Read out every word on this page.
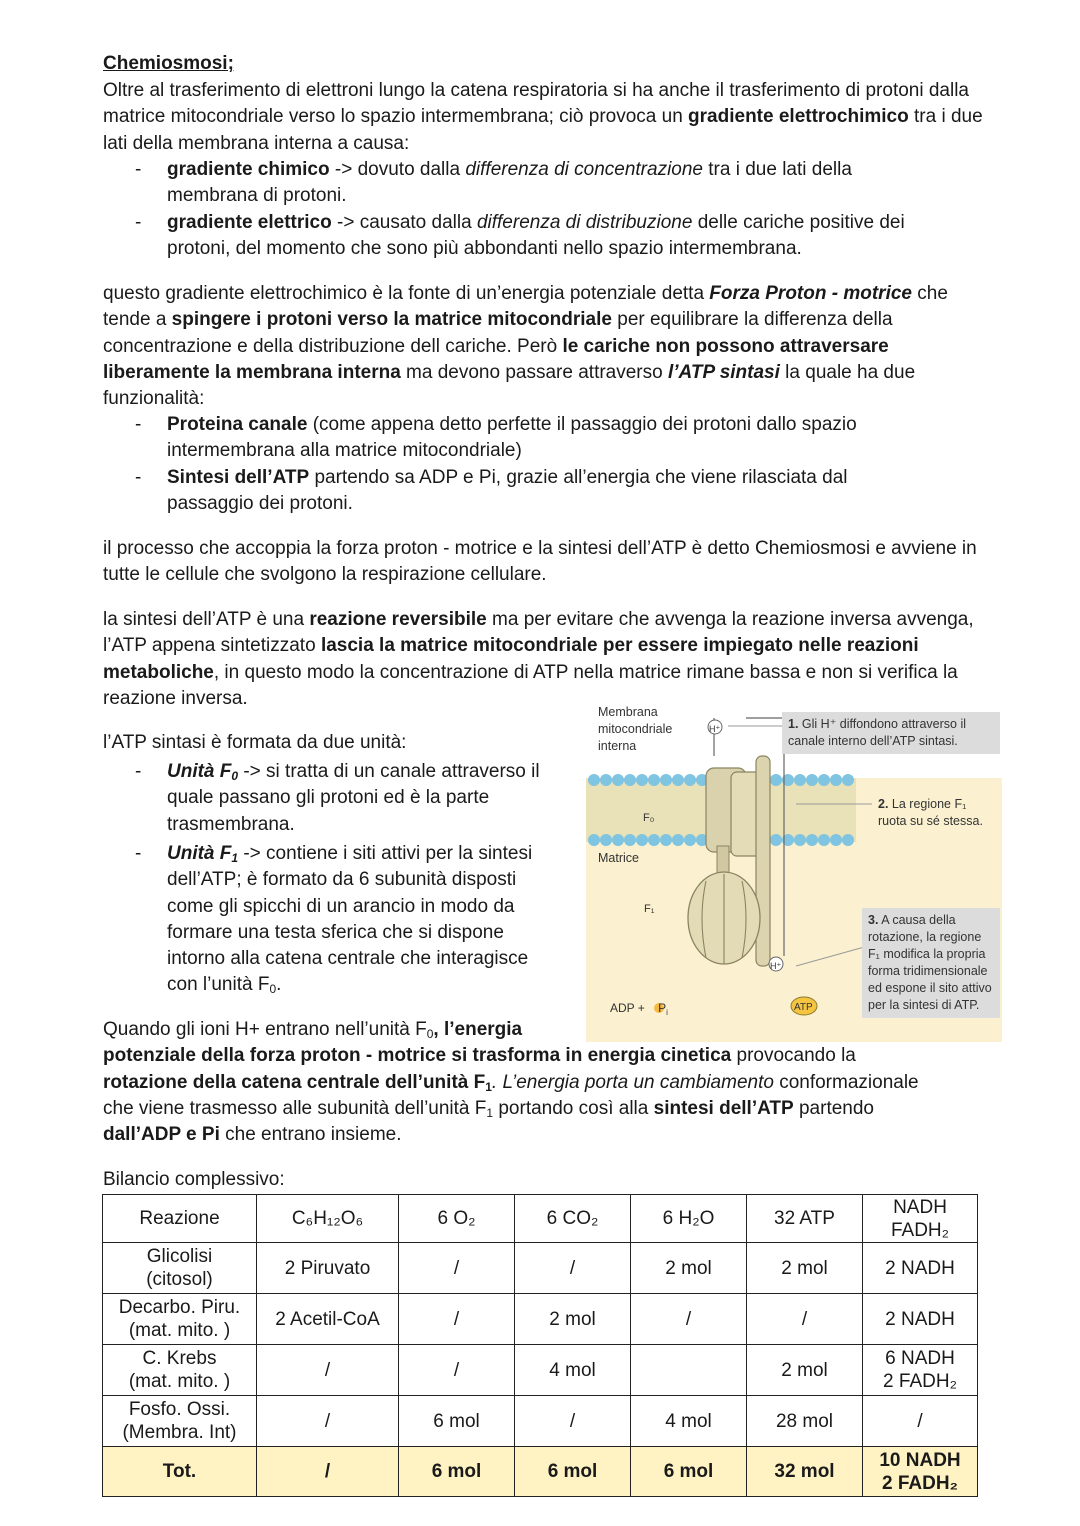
Chemiosmosi;

Oltre al trasferimento di elettroni lungo la catena respiratoria si ha anche il trasferimento di protoni dalla matrice mitocondriale verso lo spazio intermembrana; ciò provoca un gradiente elettrochimico tra i due lati della membrana interna a causa:

- gradiente chimico -> dovuto dalla differenza di concentrazione tra i due lati della
membrana di protoni.
- gradiente elettrico -> causato dalla differenza di distribuzione delle cariche positive dei
protoni, del momento che sono più abbondanti nello spazio intermembrana.

questo gradiente elettrochimico è la fonte di un’energia potenziale detta Forza Proton - motrice che tende a spingere i protoni verso la matrice mitocondriale per equilibrare la differenza della concentrazione e della distribuzione dell cariche. Però le cariche non possono attraversare liberamente la membrana interna ma devono passare attraverso l’ATP sintasi la quale ha due funzionalità:

- Proteina canale (come appena detto perfette il passaggio dei protoni dallo spazio
intermembrana alla matrice mitocondriale)
- Sintesi dell’ATP partendo sa ADP e Pi, grazie all’energia che viene rilasciata dal
passaggio dei protoni.

il processo che accoppia la forza proton - motrice e la sintesi dell’ATP è detto Chemiosmosi e avviene in tutte le cellule che svolgono la respirazione cellulare.

la sintesi dell’ATP è una reazione reversibile ma per evitare che avvenga la reazione inversa avvenga, l’ATP appena sintetizzato lascia la matrice mitocondriale per essere impiegato nelle reazioni metaboliche, in questo modo la concentrazione di ATP nella matrice rimane bassa e non si verifica la reazione inversa.

l’ATP sintasi è formata da due unità:

- Unità $F_0$ -> si tratta di un canale attraverso il
quale passano gli protoni ed è la parte
trasmembrana.
- Unità $F_1$ -> contiene i siti attivi per la sintesi
dell’ATP; è formato da 6 subunità disposti
come gli spicchi di un arancio in modo da
formare una testa sferica che si dispone
intorno alla catena centrale che interagisce
con l’unità $F_0$.
Membrana
mitocondriale
interna
Matrice
F₀
F₁
H⁺
H⁺
ATP
ADP + $P_i$
1. Gli H⁺ diffondono attraverso il canale interno dell’ATP sintasi.
2. La regione F₁ ruota su sé stessa.
3. A causa della rotazione, la regione F₁ modifica la propria forma tridimensionale ed espone il sito attivo per la sintesi di ATP.
Quando gli ioni H+ entrano nell’unità $F_0$, l’energia
potenziale della forza proton - motrice si trasforma in energia cinetica provocando la
rotazione della catena centrale dell’unità $F_1$. L’energia porta un cambiamento conformazionale
che viene trasmesso alle subunità dell’unità $F_1$ portando così alla sintesi dell’ATP partendo
dall’ADP e Pi che entrano insieme.

Bilancio complessivo:

Reazione	C₆H₁₂O₆	6 O₂	6 CO₂	6 H₂O	32 ATP	NADH
FADH₂
Glicolisi
(citosol)	2 Piruvato	/	/	2 mol	2 mol	2 NADH
Decarbo. Piru.
(mat. mito. )	2 Acetil-CoA	/	2 mol	/	/	2 NADH
C. Krebs
(mat. mito. )	/	/	4 mol		2 mol	6 NADH
2 FADH₂
Fosfo. Ossi.
(Membra. Int)	/	6 mol	/	4 mol	28 mol	/
Tot.	/	6 mol	6 mol	6 mol	32 mol	10 NADH
2 FADH₂
